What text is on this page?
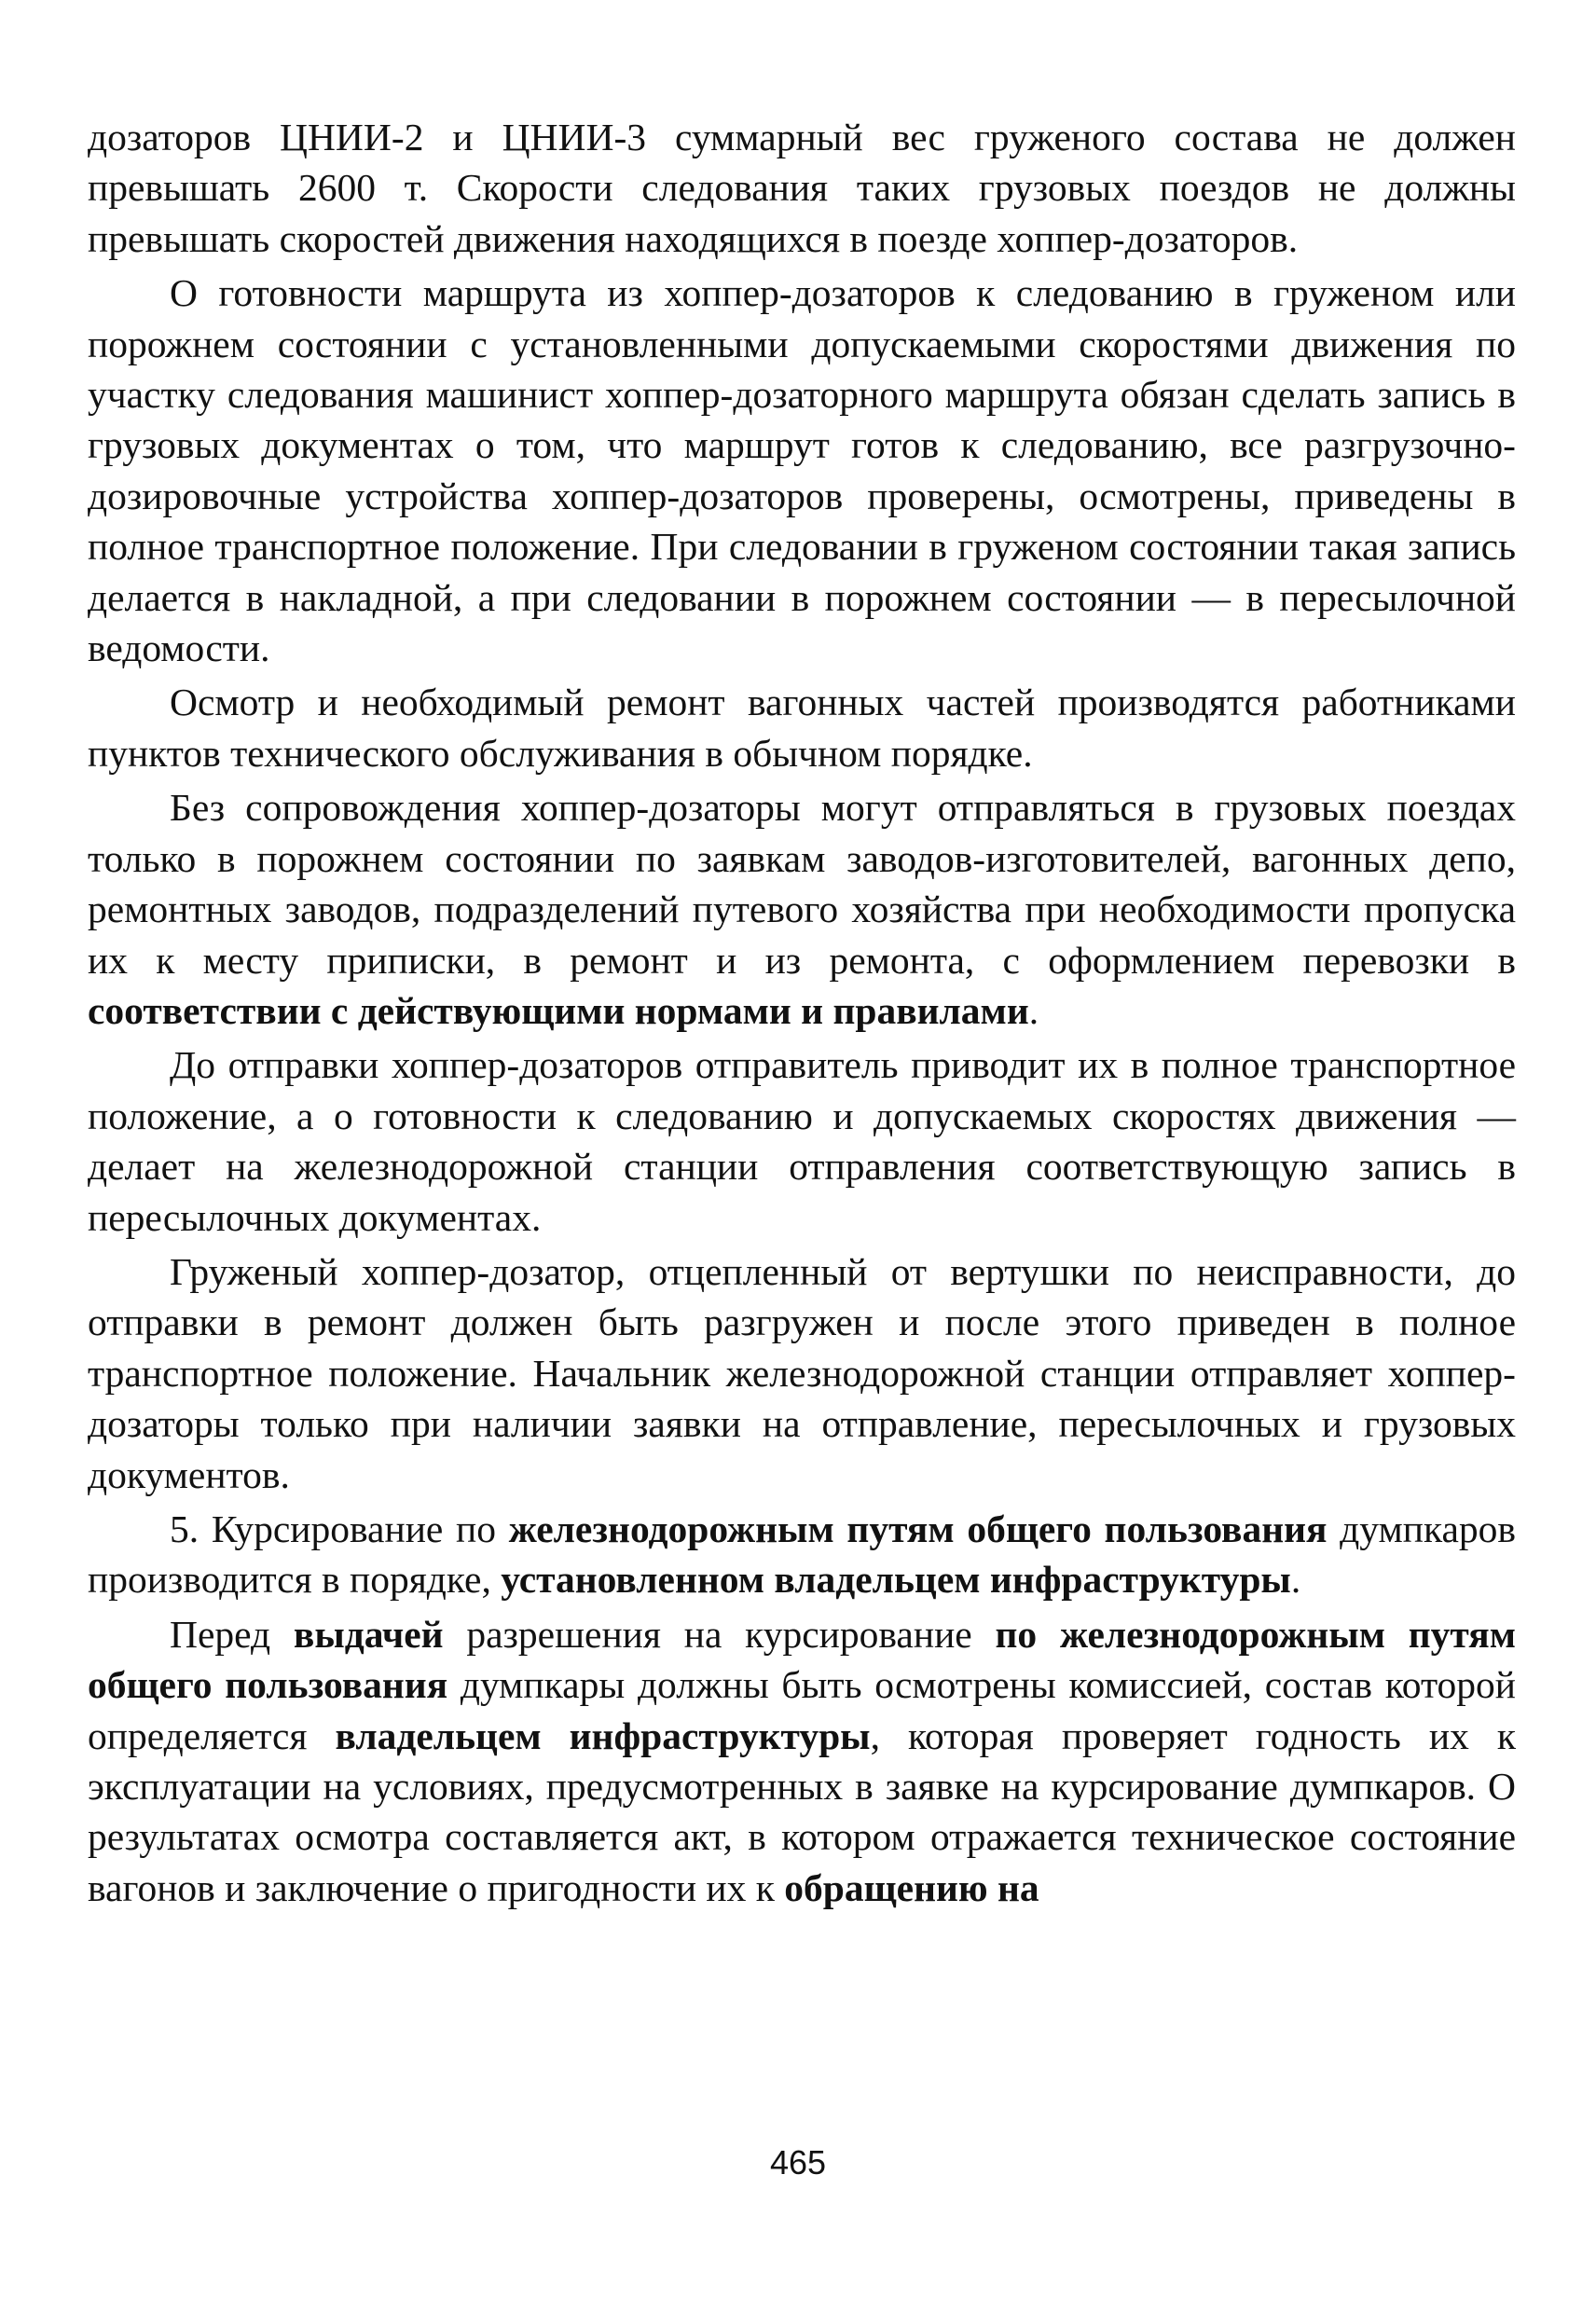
дозаторов ЦНИИ-2 и ЦНИИ-3 суммарный вес груженого состава не должен превышать 2600 т. Скорости следования таких грузовых поездов не должны превышать скоростей движения находящихся в поезде хоппер-дозаторов.

О готовности маршрута из хоппер-дозаторов к следованию в груженом или порожнем состоянии с установленными допускаемыми скоростями движения по участку следования машинист хоппер-дозаторного маршрута обязан сделать запись в грузовых документах о том, что маршрут готов к следованию, все разгрузочно-дозировочные устройства хоппер-дозаторов проверены, осмотрены, приведены в полное транспортное положение. При следовании в груженом состоянии такая запись делается в накладной, а при следовании в порожнем состоянии — в пересылочной ведомости.

Осмотр и необходимый ремонт вагонных частей производятся работниками пунктов технического обслуживания в обычном порядке.

Без сопровождения хоппер-дозаторы могут отправляться в грузовых поездах только в порожнем состоянии по заявкам заводов-изготовителей, вагонных депо, ремонтных заводов, подразделений путевого хозяйства при необходимости пропуска их к месту приписки, в ремонт и из ремонта, с оформлением перевозки в соответствии с действующими нормами и правилами.

До отправки хоппер-дозаторов отправитель приводит их в полное транспортное положение, а о готовности к следованию и допускаемых скоростях движения — делает на железнодорожной станции отправления соответствующую запись в пересылочных документах.

Груженый хоппер-дозатор, отцепленный от вертушки по неисправности, до отправки в ремонт должен быть разгружен и после этого приведен в полное транспортное положение. Начальник железнодорожной станции отправляет хоппер-дозаторы только при наличии заявки на отправление, пересылочных и грузовых документов.

5. Курсирование по железнодорожным путям общего пользования думпкаров производится в порядке, установленном владельцем инфраструктуры.

Перед выдачей разрешения на курсирование по железнодорожным путям общего пользования думпкары должны быть осмотрены комиссией, состав которой определяется владельцем инфраструктуры, которая проверяет годность их к эксплуатации на условиях, предусмотренных в заявке на курсирование думпкаров. О результатах осмотра составляется акт, в котором отражается техническое состояние вагонов и заключение о пригодности их к обращению на

465
